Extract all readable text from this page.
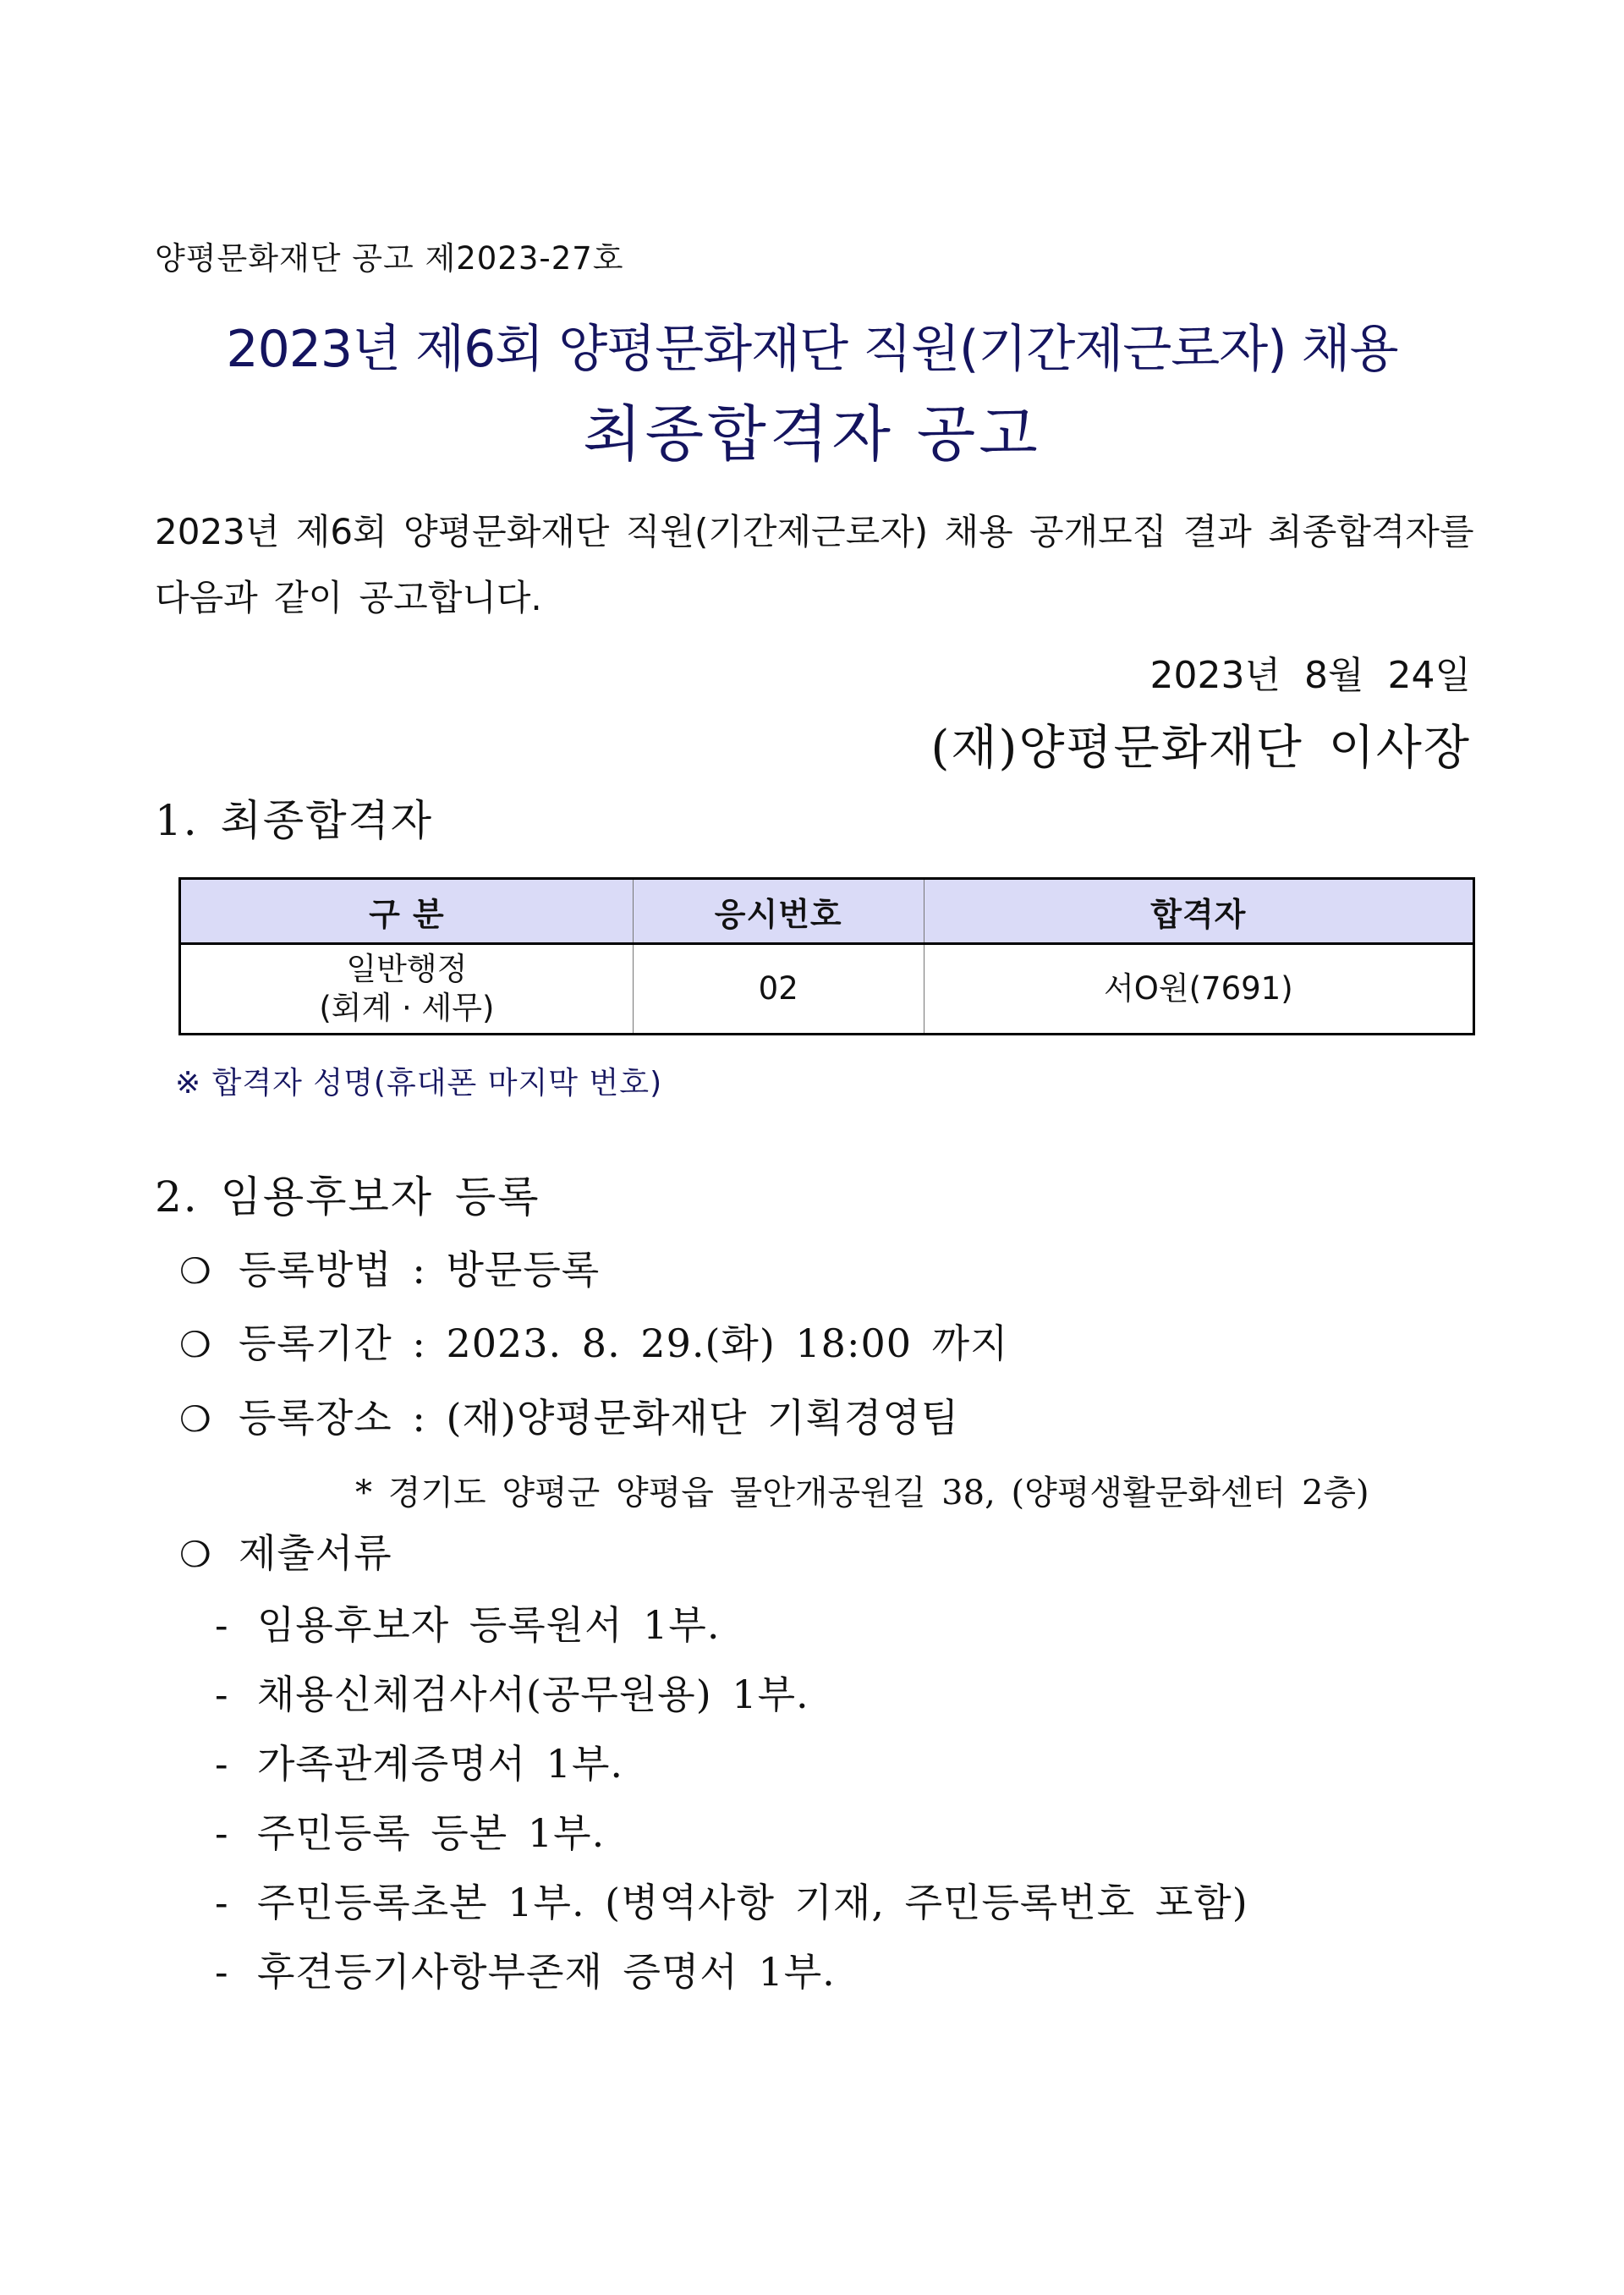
양평문화재단 공고 제2023-27호
2023년 제6회 양평문화재단 직원(기간제근로자) 채용
최종합격자 공고
2023년 제6회 양평문화재단 직원(기간제근로자) 채용 공개모집 결과 최종합격자를
다음과 같이 공고합니다.
2023년 8월 24일
(재)양평문화재단 이사장
1. 최종합격자
구 분	응시번호	합격자

일반행정
(회계 · 세무)	02	서O원(7691)
※ 합격자 성명(휴대폰 마지막 번호)
2. 임용후보자 등록
❍ 등록방법 : 방문등록
❍ 등록기간 : 2023. 8. 29.(화) 18:00 까지
❍ 등록장소 : (재)양평문화재단 기획경영팀
* 경기도 양평군 양평읍 물안개공원길 38, (양평생활문화센터 2층)
❍ 제출서류
- 임용후보자 등록원서 1부.
- 채용신체검사서(공무원용) 1부.
- 가족관계증명서 1부.
- 주민등록 등본 1부.
- 주민등록초본 1부. (병역사항 기재, 주민등록번호 포함)
- 후견등기사항부존재 증명서 1부.
